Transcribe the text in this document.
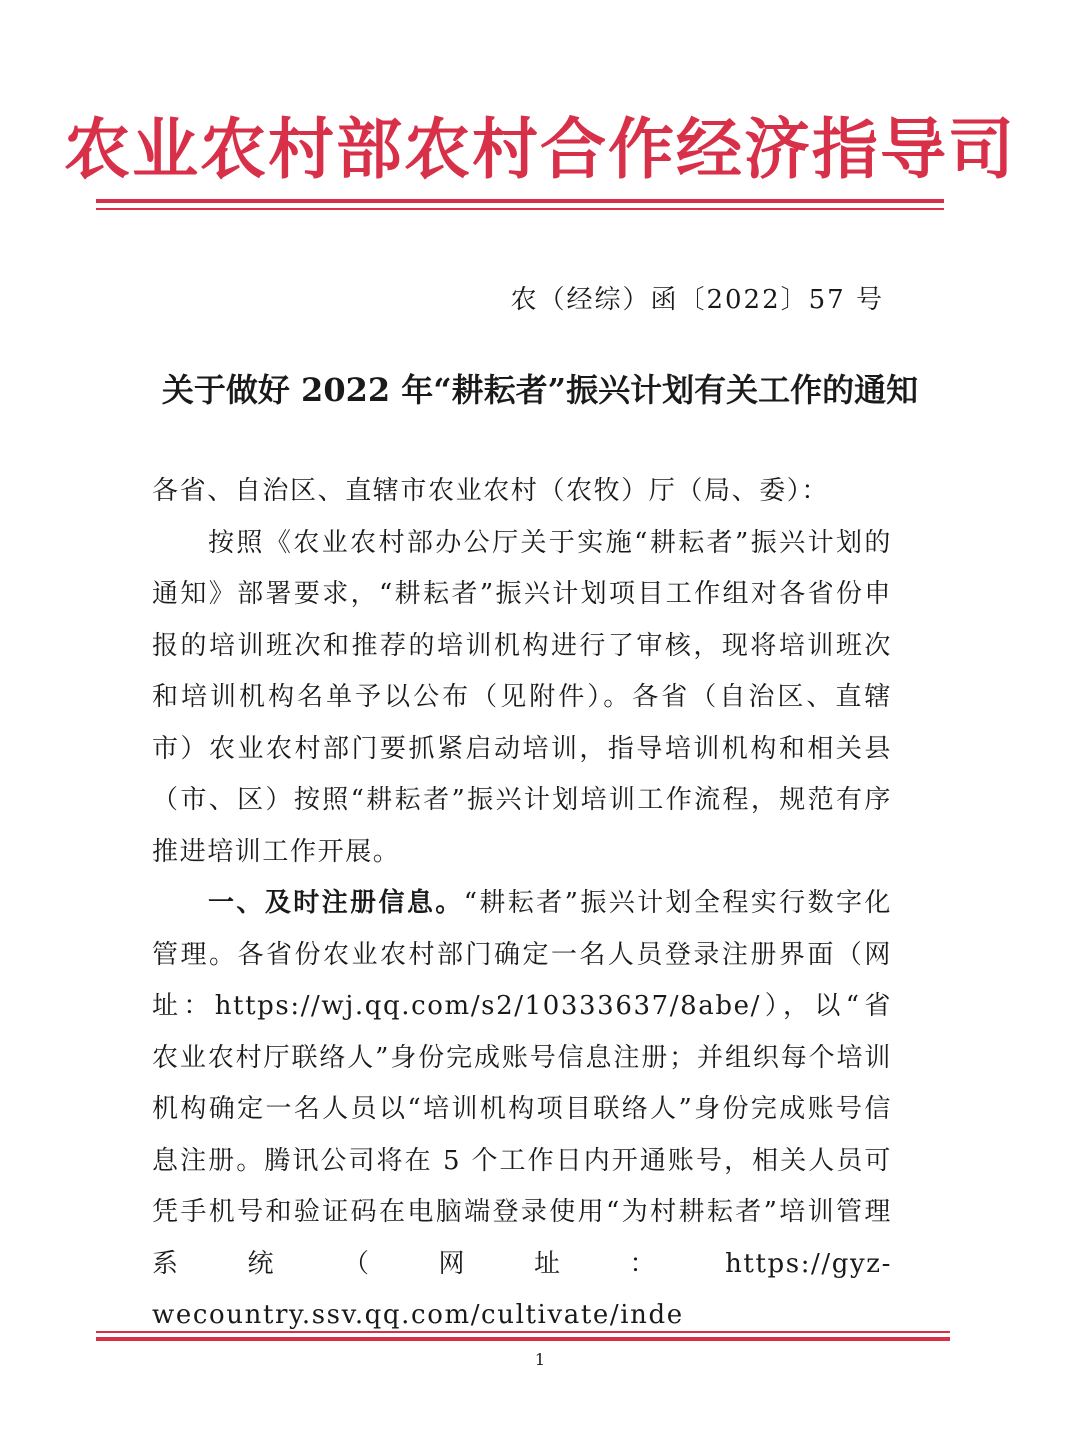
农业农村部农村合作经济指导司
农（经综）函〔2022〕57 号
关于做好 2022 年“耕耘者”振兴计划有关工作的通知

各省、自治区、直辖市农业农村（农牧）厅（局、委）：

按照《农业农村部办公厅关于实施“耕耘者”振兴计划的通知》部署要求，“耕耘者”振兴计划项目工作组对各省份申报的培训班次和推荐的培训机构进行了审核，现将培训班次和培训机构名单予以公布（见附件）。各省（自治区、直辖市）农业农村部门要抓紧启动培训，指导培训机构和相关县（市、区）按照“耕耘者”振兴计划培训工作流程，规范有序推进培训工作开展。

一、及时注册信息。“耕耘者”振兴计划全程实行数字化管理。各省份农业农村部门确定一名人员登录注册界面（网址：https://wj.qq.com/s2/10333637/8abe/），以“省农业农村厅联络人”身份完成账号信息注册；并组织每个培训机构确定一名人员以“培训机构项目联络人”身份完成账号信息注册。腾讯公司将在 5 个工作日内开通账号，相关人员可凭手机号和验证码在电脑端登录使用“为村耕耘者”培训管理系统（网址：https://gyz-wecountry.ssv.qq.com/cultivate/inde

1
